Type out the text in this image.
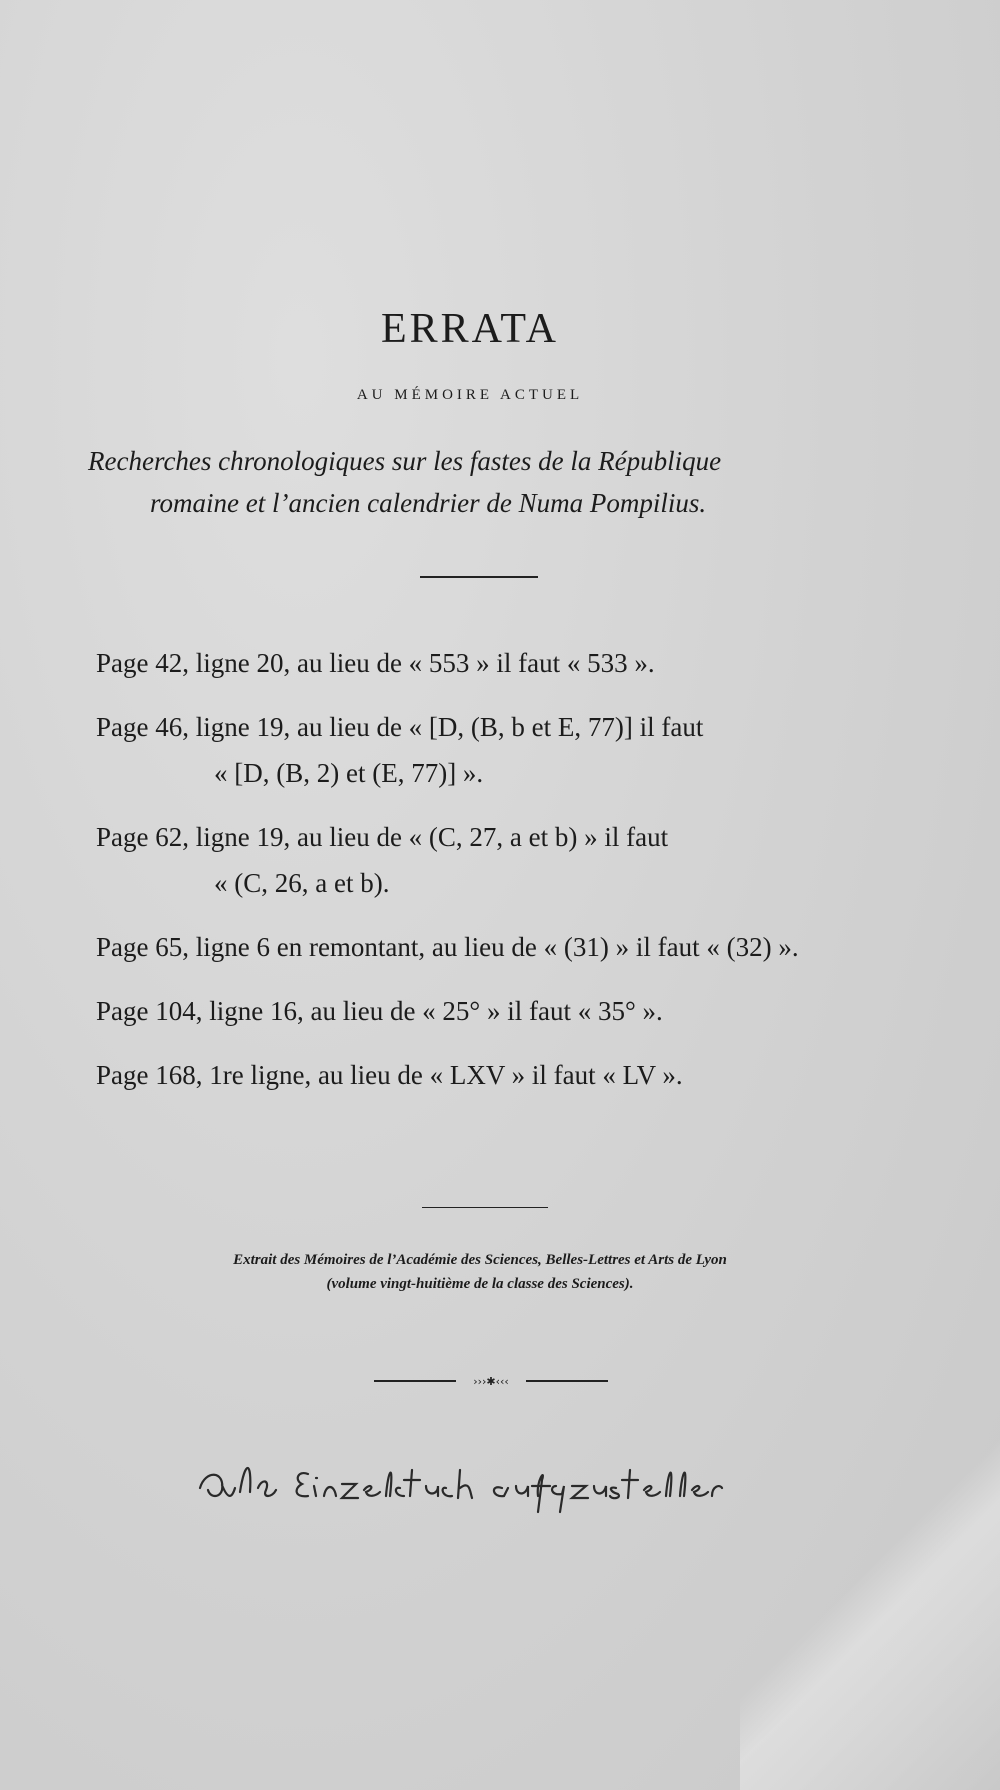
ERRATA
AU MÉMOIRE ACTUEL
Recherches chronologiques sur les fastes de la République
romaine et l’ancien calendrier de Numa Pompilius.
Page 42, ligne 20, au lieu de « 553 » il faut « 533 ».
Page 46, ligne 19, au lieu de « [D, (B, b et E, 77)] il faut
« [D, (B, 2) et (E, 77)] ».
Page 62, ligne 19, au lieu de « (C, 27, a et b) » il faut
« (C, 26, a et b).
Page 65, ligne 6 en remontant, au lieu de « (31) » il faut « (32) ».
Page 104, ligne 16, au lieu de « 25° » il faut « 35° ».
Page 168, 1re ligne, au lieu de « LXV » il faut « LV ».
Extrait des Mémoires de l’Académie des Sciences, Belles-Lettres et Arts de Lyon
(volume vingt-huitième de la classe des Sciences).
›››✱‹‹‹
